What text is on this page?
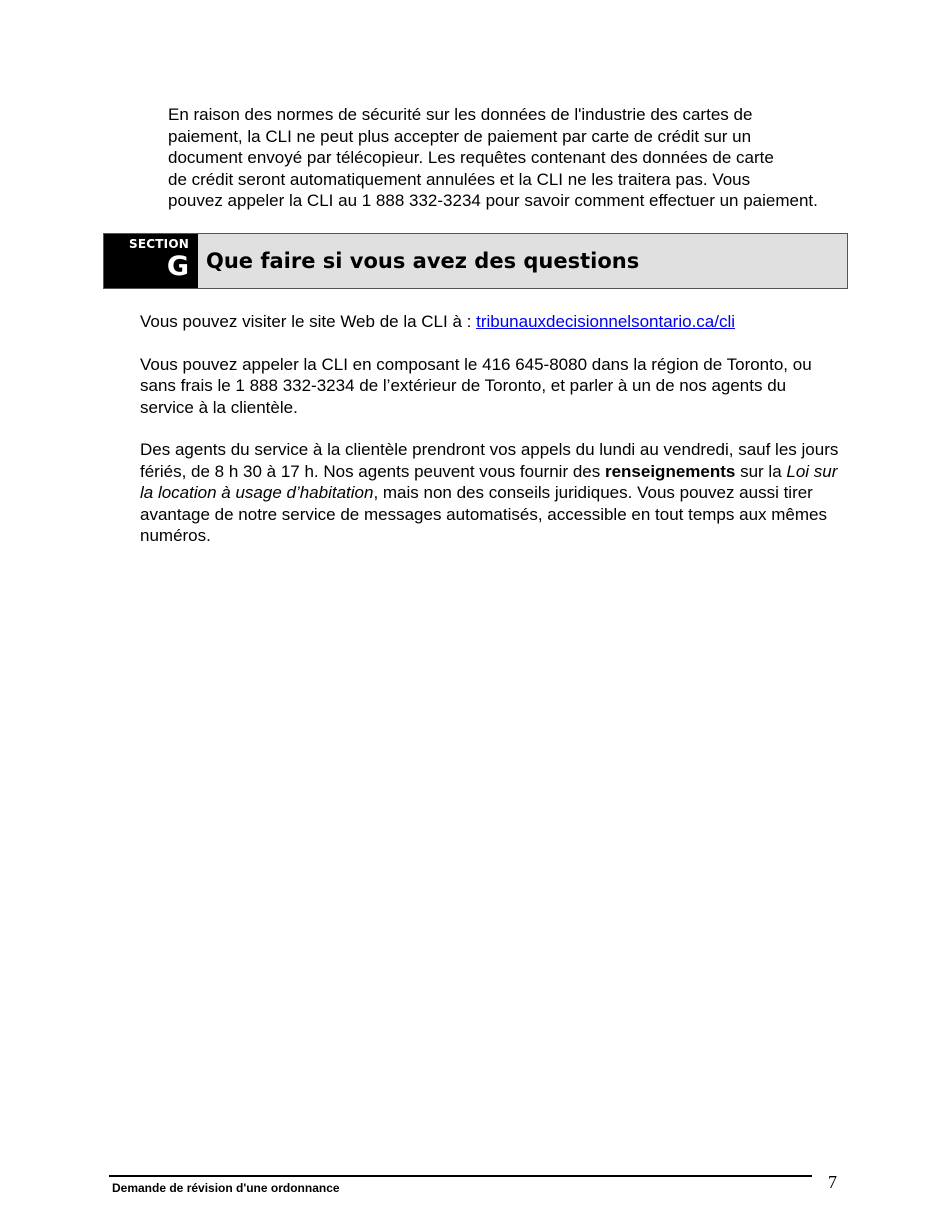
En raison des normes de sécurité sur les données de l'industrie des cartes de
paiement, la CLI ne peut plus accepter de paiement par carte de crédit sur un
document envoyé par télécopieur. Les requêtes contenant des données de carte
de crédit seront automatiquement annulées et la CLI ne les traitera pas. Vous
pouvez appeler la CLI au 1 888 332-3234 pour savoir comment effectuer un paiement.
SECTION
G Que faire si vous avez des questions

Vous pouvez visiter le site Web de la CLI à : tribunauxdecisionnelsontario.ca/cli

Vous pouvez appeler la CLI en composant le 416 645-8080 dans la région de Toronto, ou sans frais le 1 888 332-3234 de l’extérieur de Toronto, et parler à un de nos agents du service à la clientèle.

Des agents du service à la clientèle prendront vos appels du lundi au vendredi, sauf les jours fériés, de 8 h 30 à 17 h. Nos agents peuvent vous fournir des renseignements sur la Loi sur la location à usage d’habitation, mais non des conseils juridiques. Vous pouvez aussi tirer avantage de notre service de messages automatisés, accessible en tout temps aux mêmes numéros.

Demande de révision d'une ordonnance	7
